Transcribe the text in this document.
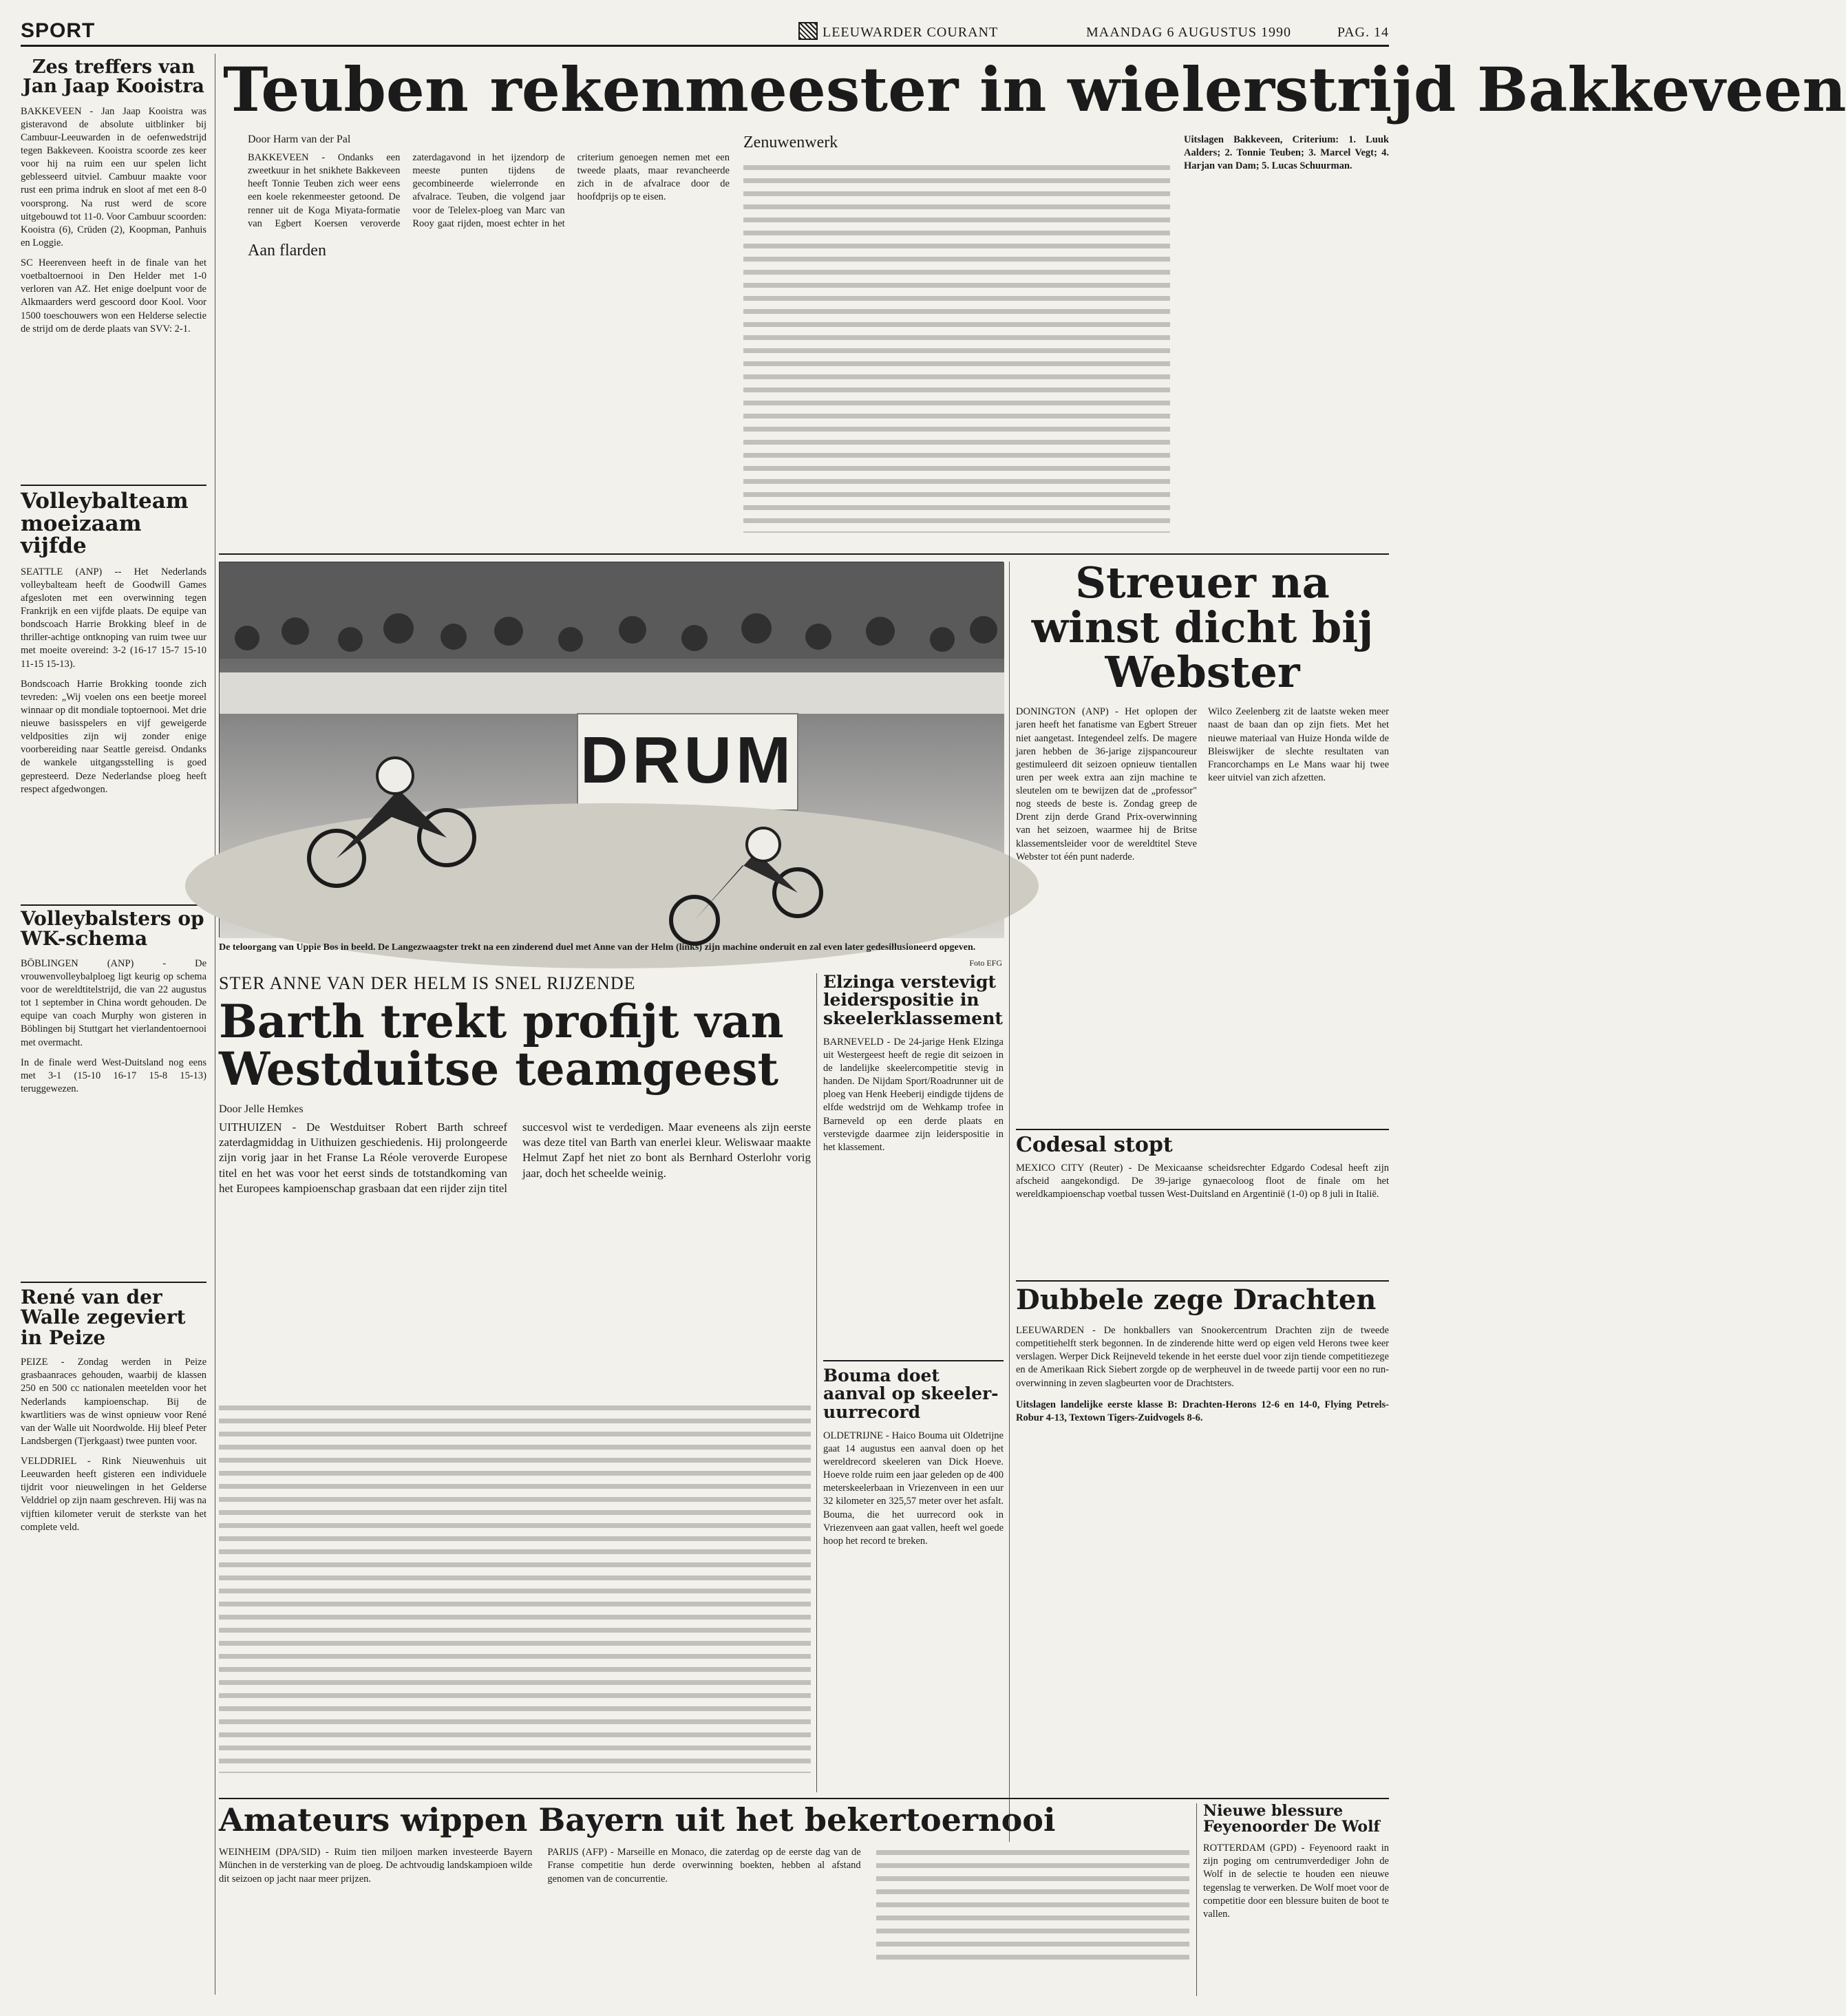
SPORT	LEEUWARDER COURANT	MAANDAG 6 AUGUSTUS 1990	PAG. 14
Zes treffers van Jan Jaap Kooistra

BAKKEVEEN - Jan Jaap Kooistra was gisteravond de absolute uitblinker bij Cambuur-Leeuwarden in de oefenwedstrijd tegen Bakkeveen. Kooistra scoorde zes keer voor hij na ruim een uur spelen licht geblesseerd uitviel. Cambuur maakte voor rust een prima indruk en sloot af met een 8-0 voorsprong. Na rust werd de score uitgebouwd tot 11-0. Voor Cambuur scoorden: Kooistra (6), Crüden (2), Koopman, Panhuis en Loggie.

SC Heerenveen heeft in de finale van het voetbaltoernooi in Den Helder met 1-0 verloren van AZ. Het enige doelpunt voor de Alkmaarders werd gescoord door Kool. Voor 1500 toeschouwers won een Helderse selectie de strijd om de derde plaats van SVV: 2-1.

Volleybalteam moeizaam vijfde

SEATTLE (ANP) -- Het Nederlands volleybalteam heeft de Goodwill Games afgesloten met een overwinning tegen Frankrijk en een vijfde plaats. De equipe van bondscoach Harrie Brokking bleef in de thriller-achtige ontknoping van ruim twee uur met moeite overeind: 3-2 (16-17 15-7 15-10 11-15 15-13).

Bondscoach Harrie Brokking toonde zich tevreden: „Wij voelen ons een beetje moreel winnaar op dit mondiale toptoernooi. Met drie nieuwe basisspelers en vijf geweigerde veldposities zijn wij zonder enige voorbereiding naar Seattle gereisd. Ondanks de wankele uitgangsstelling is goed gepresteerd. Deze Nederlandse ploeg heeft respect afgedwongen.

Volleybalsters op WK-schema

BÖBLINGEN (ANP) - De vrouwenvolleybalploeg ligt keurig op schema voor de wereldtitelstrijd, die van 22 augustus tot 1 september in China wordt gehouden. De equipe van coach Murphy won gisteren in Böblingen bij Stuttgart het vierlandentoernooi met overmacht.

In de finale werd West-Duitsland nog eens met 3-1 (15-10 16-17 15-8 15-13) teruggewezen.

René van der Walle zegeviert in Peize

PEIZE - Zondag werden in Peize grasbaanraces gehouden, waarbij de klassen 250 en 500 cc nationalen meetelden voor het Nederlands kampioenschap. Bij de kwartlitiers was de winst opnieuw voor René van der Walle uit Noordwolde. Hij bleef Peter Landsbergen (Tjerkgaast) twee punten voor.

VELDDRIEL - Rink Nieuwenhuis uit Leeuwarden heeft gisteren een individuele tijdrit voor nieuwelingen in het Gelderse Velddriel op zijn naam geschreven. Hij was na vijftien kilometer veruit de sterkste van het complete veld.

Teuben rekenmeester in wielerstrijd Bakkeveen

Door Harm van der Pal

BAKKEVEEN - Ondanks een zweetkuur in het snikhete Bakkeveen heeft Tonnie Teuben zich weer eens een koele rekenmeester getoond. De renner uit de Koga Miyata-formatie van Egbert Koersen veroverde zaterdagavond in het ijzendorp de meeste punten tijdens de gecombineerde wielerronde en afvalrace. Teuben, die volgend jaar voor de Telelex-ploeg van Marc van Rooy gaat rijden, moest echter in het criterium genoegen nemen met een tweede plaats, maar revancheerde zich in de afvalrace door de hoofdprijs op te eisen.

Aan flarden
Zenuwenwerk	Uitslagen Bakkeveen, Criterium: 1. Luuk Aalders; 2. Tonnie Teuben; 3. Marcel Vegt; 4. Harjan van Dam; 5. Lucas Schuurman.

DRUM

De teloorgang van Uppie Bos in beeld. De Langezwaagster trekt na een zinderend duel met Anne van der Helm (links) zijn machine onderuit en zal even later gedesillusioneerd opgeven.

Foto EFG
Streuer na winst dicht bij Webster

DONINGTON (ANP) - Het oplopen der jaren heeft het fanatisme van Egbert Streuer niet aangetast. Integendeel zelfs. De magere jaren hebben de 36-jarige zijspancoureur gestimuleerd dit seizoen opnieuw tientallen uren per week extra aan zijn machine te sleutelen om te bewijzen dat de „professor" nog steeds de beste is. Zondag greep de Drent zijn derde Grand Prix-overwinning van het seizoen, waarmee hij de Britse klassementsleider voor de wereldtitel Steve Webster tot één punt naderde.

Wilco Zeelenberg zit de laatste weken meer naast de baan dan op zijn fiets. Met het nieuwe materiaal van Huize Honda wilde de Bleiswijker de slechte resultaten van Francorchamps en Le Mans waar hij twee keer uitviel van zich afzetten.

STER ANNE VAN DER HELM IS SNEL RIJZENDE

Barth trekt profijt van Westduitse teamgeest

Door Jelle Hemkes

UITHUIZEN - De Westduitser Robert Barth schreef zaterdagmiddag in Uithuizen geschiedenis. Hij prolongeerde zijn vorig jaar in het Franse La Réole veroverde Europese titel en het was voor het eerst sinds de totstandkoming van het Europees kampioenschap grasbaan dat een rijder zijn titel succesvol wist te verdedigen. Maar eveneens als zijn eerste was deze titel van Barth van enerlei kleur. Weliswaar maakte Helmut Zapf het niet zo bont als Bernhard Osterlohr vorig jaar, doch het scheelde weinig.

Elzinga verstevigt leiderspositie in skeelerklassement

BARNEVELD - De 24-jarige Henk Elzinga uit Westergeest heeft de regie dit seizoen in de landelijke skeelercompetitie stevig in handen. De Nijdam Sport/Roadrunner uit de ploeg van Henk Heeberij eindigde tijdens de elfde wedstrijd om de Wehkamp trofee in Barneveld op een derde plaats en verstevigde daarmee zijn leiderspositie in het klassement.

Bouma doet aanval op skeeler-uurrecord

OLDETRIJNE - Haico Bouma uit Oldetrijne gaat 14 augustus een aanval doen op het wereldrecord skeeleren van Dick Hoeve. Hoeve rolde ruim een jaar geleden op de 400 meterskeelerbaan in Vriezenveen in een uur 32 kilometer en 325,57 meter over het asfalt. Bouma, die het uurrecord ook in Vriezenveen aan gaat vallen, heeft wel goede hoop het record te breken.

Codesal stopt

MEXICO CITY (Reuter) - De Mexicaanse scheidsrechter Edgardo Codesal heeft zijn afscheid aangekondigd. De 39-jarige gynaecoloog floot de finale om het wereldkampioenschap voetbal tussen West-Duitsland en Argentinië (1-0) op 8 juli in Italië.

Dubbele zege Drachten

LEEUWARDEN - De honkballers van Snookercentrum Drachten zijn de tweede competitiehelft sterk begonnen. In de zinderende hitte werd op eigen veld Herons twee keer verslagen. Werper Dick Reijneveld tekende in het eerste duel voor zijn tiende competitiezege en de Amerikaan Rick Siebert zorgde op de werpheuvel in de tweede partij voor een no run-overwinning in zeven slagbeurten voor de Drachtsters.

Uitslagen landelijke eerste klasse B: Drachten-Herons 12-6 en 14-0, Flying Petrels-Robur 4-13, Textown Tigers-Zuidvogels 8-6.

Amateurs wippen Bayern uit het bekertoernooi

WEINHEIM (DPA/SID) - Ruim tien miljoen marken investeerde Bayern München in de versterking van de ploeg. De achtvoudig landskampioen wilde dit seizoen op jacht naar meer prijzen.

PARIJS (AFP) - Marseille en Monaco, die zaterdag op de eerste dag van de Franse competitie hun derde overwinning boekten, hebben al afstand genomen van de concurrentie.

Nieuwe blessure Feyenoorder De Wolf

ROTTERDAM (GPD) - Feyenoord raakt in zijn poging om centrumverdediger John de Wolf in de selectie te houden een nieuwe tegenslag te verwerken. De Wolf moet voor de competitie door een blessure buiten de boot te vallen.
